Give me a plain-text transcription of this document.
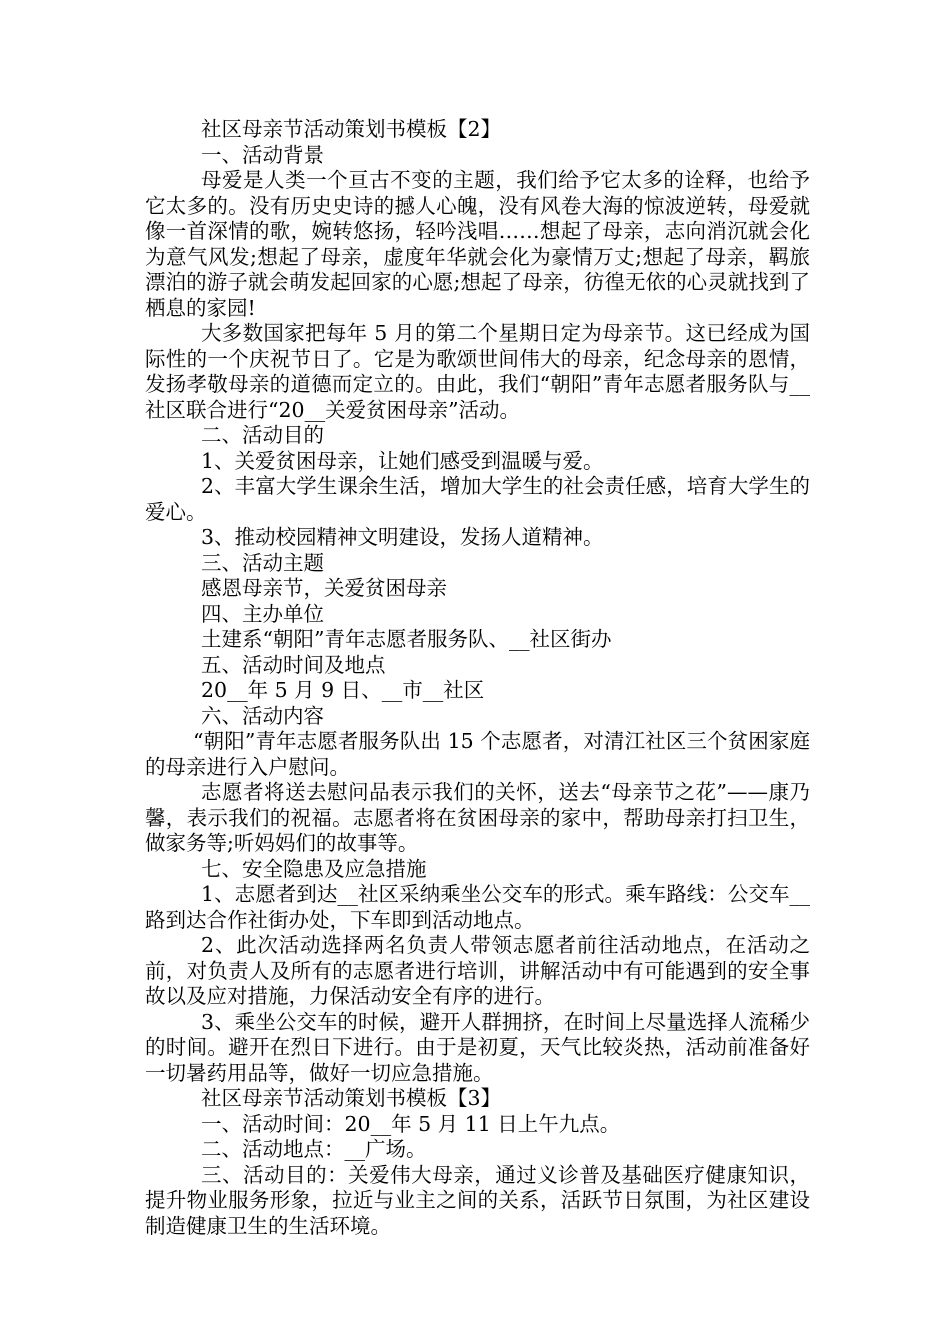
社区母亲节活动策划书模板【2】

一、活动背景

母爱是人类一个亘古不变的主题，我们给予它太多的诠释，也给予它太多的。没有历史史诗的撼人心魄，没有风卷大海的惊波逆转，母爱就像一首深情的歌，婉转悠扬，轻吟浅唱……想起了母亲，志向消沉就会化为意气风发;想起了母亲，虚度年华就会化为豪情万丈;想起了母亲，羁旅漂泊的游子就会萌发起回家的心愿;想起了母亲，彷徨无依的心灵就找到了栖息的家园!

大多数国家把每年 5 月的第二个星期日定为母亲节。这已经成为国际性的一个庆祝节日了。它是为歌颂世间伟大的母亲，纪念母亲的恩情，发扬孝敬母亲的道德而定立的。由此，我们“朝阳”青年志愿者服务队与__社区联合进行“20__关爱贫困母亲”活动。

二、活动目的

1、关爱贫困母亲，让她们感受到温暖与爱。

2、丰富大学生课余生活，增加大学生的社会责任感，培育大学生的爱心。

3、推动校园精神文明建设，发扬人道精神。

三、活动主题

感恩母亲节，关爱贫困母亲

四、主办单位

土建系“朝阳”青年志愿者服务队、__社区街办

五、活动时间及地点

20__年 5 月 9 日、__市__社区

六、活动内容

“朝阳”青年志愿者服务队出 15 个志愿者，对清江社区三个贫困家庭的母亲进行入户慰问。

志愿者将送去慰问品表示我们的关怀，送去“母亲节之花”——康乃馨，表示我们的祝福。志愿者将在贫困母亲的家中，帮助母亲打扫卫生，做家务等;听妈妈们的故事等。

七、安全隐患及应急措施

1、志愿者到达__社区采纳乘坐公交车的形式。乘车路线：公交车__路到达合作社街办处，下车即到活动地点。

2、此次活动选择两名负责人带领志愿者前往活动地点，在活动之前，对负责人及所有的志愿者进行培训，讲解活动中有可能遇到的安全事故以及应对措施，力保活动安全有序的进行。

3、乘坐公交车的时候，避开人群拥挤，在时间上尽量选择人流稀少的时间。避开在烈日下进行。由于是初夏，天气比较炎热，活动前准备好一切暑药用品等，做好一切应急措施。

社区母亲节活动策划书模板【3】

一、活动时间：20__年 5 月 11 日上午九点。

二、活动地点：__广场。

三、活动目的：关爱伟大母亲，通过义诊普及基础医疗健康知识，提升物业服务形象，拉近与业主之间的关系，活跃节日氛围，为社区建设制造健康卫生的生活环境。
